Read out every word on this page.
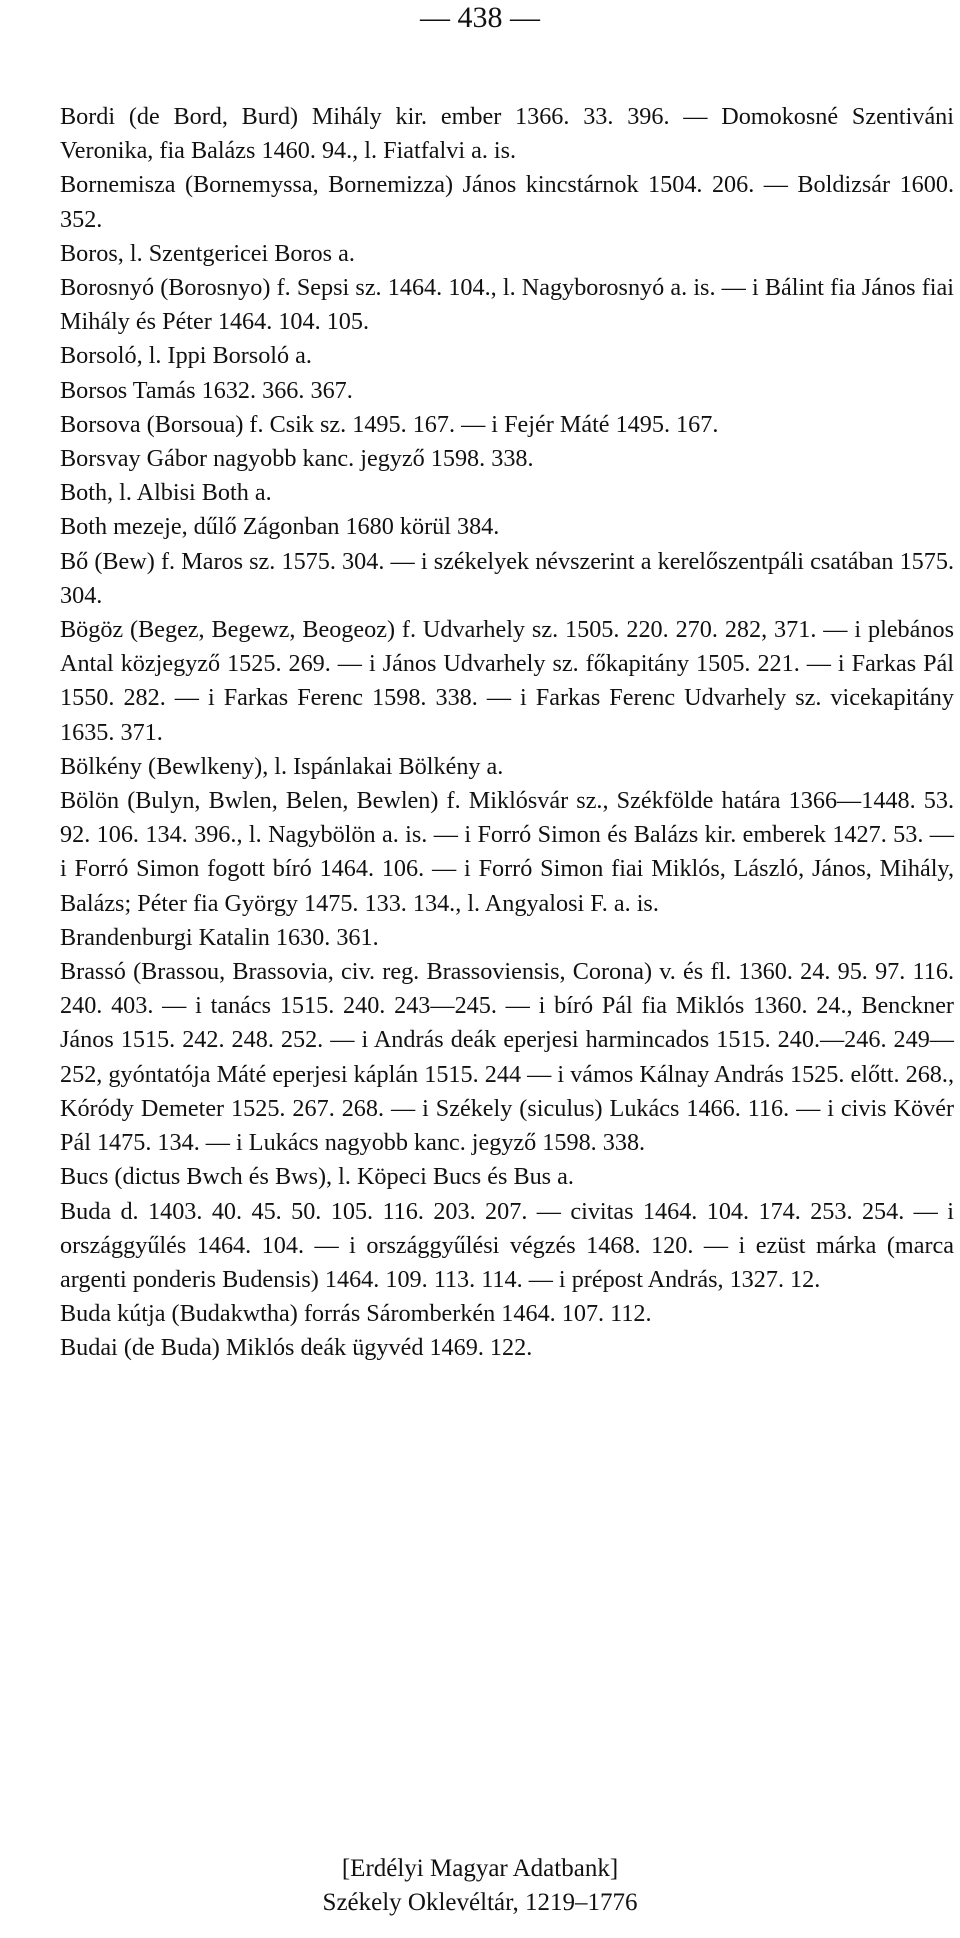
— 438 —

Bordi (de Bord, Burd) Mihály kir. ember 1366. 33. 396. — Domokosné Szentiváni Veronika, fia Balázs 1460. 94., l. Fiatfalvi a. is.

Bornemisza (Bornemyssa, Bornemizza) János kincstárnok 1504. 206. — Boldizsár 1600. 352.

Boros, l. Szentgericei Boros a.

Borosnyó (Borosnyo) f. Sepsi sz. 1464. 104., l. Nagyborosnyó a. is. — i Bálint fia János fiai Mihály és Péter 1464. 104. 105.

Borsoló, l. Ippi Borsoló a.

Borsos Tamás 1632. 366. 367.

Borsova (Borsoua) f. Csik sz. 1495. 167. — i Fejér Máté 1495. 167.

Borsvay Gábor nagyobb kanc. jegyző 1598. 338.

Both, l. Albisi Both a.

Both mezeje, dűlő Zágonban 1680 körül 384.

Bő (Bew) f. Maros sz. 1575. 304. — i székelyek névszerint a kerelőszentpáli csatában 1575. 304.

Bögöz (Begez, Begewz, Beogeoz) f. Udvarhely sz. 1505. 220. 270. 282, 371. — i plebános Antal közjegyző 1525. 269. — i János Udvarhely sz. főkapitány 1505. 221. — i Farkas Pál 1550. 282. — i Farkas Ferenc 1598. 338. — i Farkas Ferenc Udvarhely sz. vicekapitány 1635. 371.

Bölkény (Bewlkeny), l. Ispánlakai Bölkény a.

Bölön (Bulyn, Bwlen, Belen, Bewlen) f. Miklósvár sz., Székfölde határa 1366—1448. 53. 92. 106. 134. 396., l. Nagybölön a. is. — i Forró Simon és Balázs kir. emberek 1427. 53. — i Forró Simon fogott bíró 1464. 106. — i Forró Simon fiai Miklós, László, János, Mihály, Balázs; Péter fia György 1475. 133. 134., l. Angyalosi F. a. is.

Brandenburgi Katalin 1630. 361.

Brassó (Brassou, Brassovia, civ. reg. Brassoviensis, Corona) v. és fl. 1360. 24. 95. 97. 116. 240. 403. — i tanács 1515. 240. 243—245. — i bíró Pál fia Miklós 1360. 24., Benckner János 1515. 242. 248. 252. — i András deák eperjesi harmincados 1515. 240.—246. 249—252, gyóntatója Máté eperjesi káplán 1515. 244 — i vámos Kálnay András 1525. előtt. 268., Kóródy Demeter 1525. 267. 268. — i Székely (siculus) Lukács 1466. 116. — i civis Kövér Pál 1475. 134. — i Lukács nagyobb kanc. jegyző 1598. 338.

Bucs (dictus Bwch és Bws), l. Köpeci Bucs és Bus a.

Buda d. 1403. 40. 45. 50. 105. 116. 203. 207. — civitas 1464. 104. 174. 253. 254. — i országgyűlés 1464. 104. — i országgyűlési végzés 1468. 120. — i ezüst márka (marca argenti ponderis Budensis) 1464. 109. 113. 114. — i prépost András, 1327. 12.

Buda kútja (Budakwtha) forrás Sáromberkén 1464. 107. 112.

Budai (de Buda) Miklós deák ügyvéd 1469. 122.

[Erdélyi Magyar Adatbank]
Székely Oklevéltár, 1219–1776
